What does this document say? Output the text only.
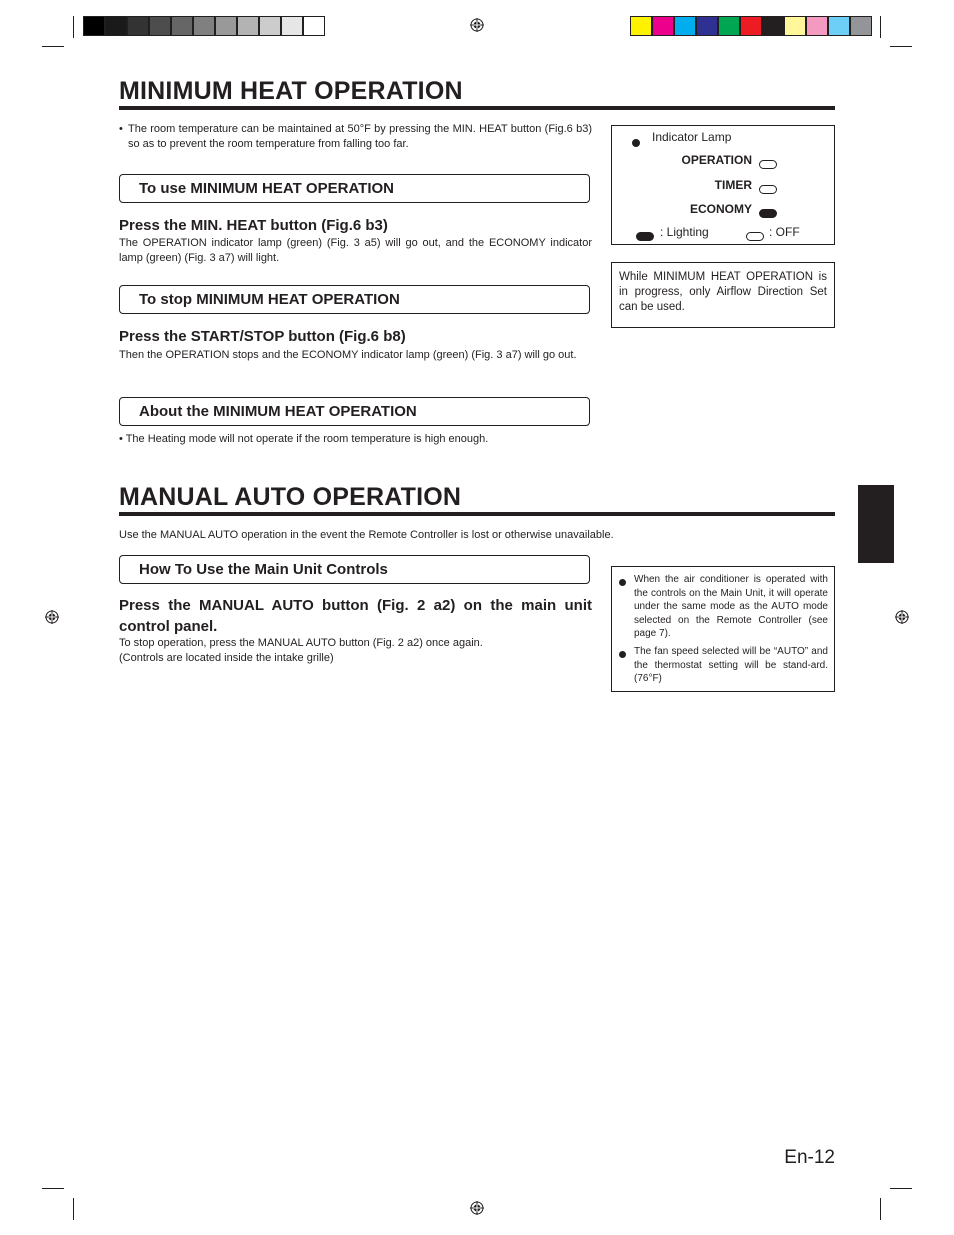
MINIMUM HEAT OPERATION
• The room temperature can be maintained at 50°F by pressing the MIN. HEAT button (Fig.6 b3) so as to prevent the room temperature from falling too far.
To use MINIMUM HEAT OPERATION
Press the MIN. HEAT button (Fig.6 b3)
The OPERATION indicator lamp (green) (Fig. 3 a5) will go out, and the ECONOMY indicator lamp (green) (Fig. 3 a7) will light.
To stop MINIMUM HEAT OPERATION
Press the START/STOP button (Fig.6 b8)
Then the OPERATION stops and the ECONOMY indicator lamp (green) (Fig. 3 a7) will go out.
About the MINIMUM HEAT OPERATION
• The Heating mode will not operate if the room temperature is high enough.
Indicator Lamp
OPERATION
TIMER
ECONOMY
: Lighting	: OFF
While MINIMUM HEAT OPERATION is in progress, only Airflow Direction Set can be used.
MANUAL AUTO OPERATION
Use the MANUAL AUTO operation in the event the Remote Controller is lost or otherwise unavailable.
How To Use the Main Unit Controls
Press the MANUAL AUTO button (Fig. 2 a2) on the main unit control panel.
To stop operation, press the MANUAL AUTO button (Fig. 2 a2) once again.
(Controls are located inside the intake grille)
When the air conditioner is operated with the controls on the Main Unit, it will operate under the same mode as the AUTO mode selected on the Remote Controller (see page 7).
The fan speed selected will be “AUTO” and the thermostat setting will be stand-ard.(76°F)
En-12
